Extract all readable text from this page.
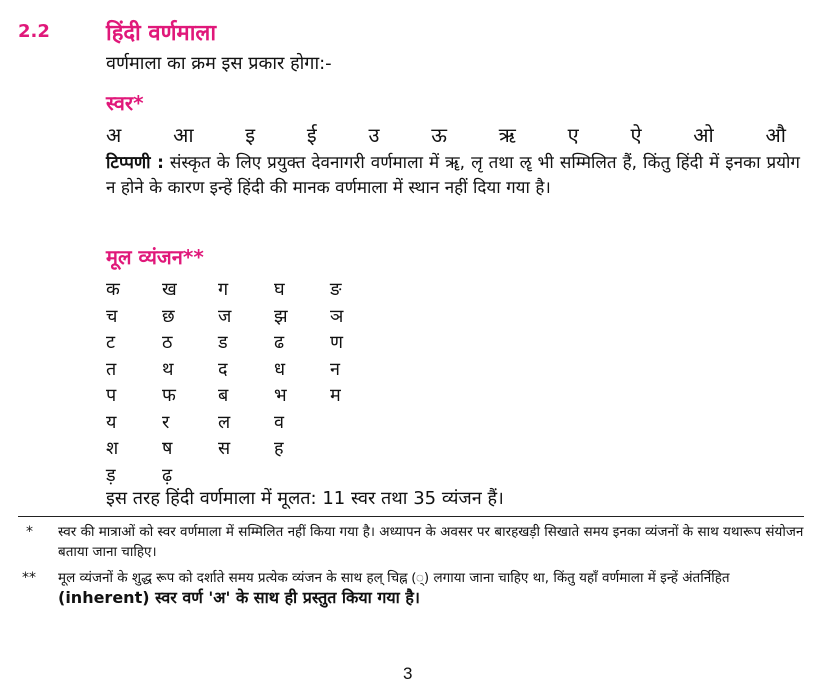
2.2	हिंदी वर्णमाला
वर्णमाला का क्रम इस प्रकार होगा:-
स्वर*
अ	आ	इ	ई	उ	ऊ	ऋ	ए	ऐ	ओ	औ
टिप्पणी : संस्कृत के लिए प्रयुक्त देवनागरी वर्णमाला में ॠ, लृ तथा ॡ भी सम्मिलित हैं, किंतु हिंदी में इनका प्रयोग न होने के कारण इन्हें हिंदी की मानक वर्णमाला में स्थान नहीं दिया गया है।
मूल व्यंजन**
क	ख	ग	घ	ङ
च	छ	ज	झ	ञ
ट	ठ	ड	ढ	ण
त	थ	द	ध	न
प	फ	ब	भ	म
य	र	ल	व
श	ष	स	ह
ड़	ढ़
इस तरह हिंदी वर्णमाला में मूलत: 11 स्वर तथा 35 व्यंजन हैं।
* स्वर की मात्राओं को स्वर वर्णमाला में सम्मिलित नहीं किया गया है। अध्यापन के अवसर पर बारहखड़ी सिखाते समय इनका व्यंजनों के साथ यथारूप संयोजन बताया जाना चाहिए।
** मूल व्यंजनों के शुद्ध रूप को दर्शाते समय प्रत्येक व्यंजन के साथ हल् चिह्न (्) लगाया जाना चाहिए था, किंतु यहाँ वर्णमाला में इन्हें अंतर्निहित (inherent) स्वर वर्ण 'अ' के साथ ही प्रस्तुत किया गया है।
3
